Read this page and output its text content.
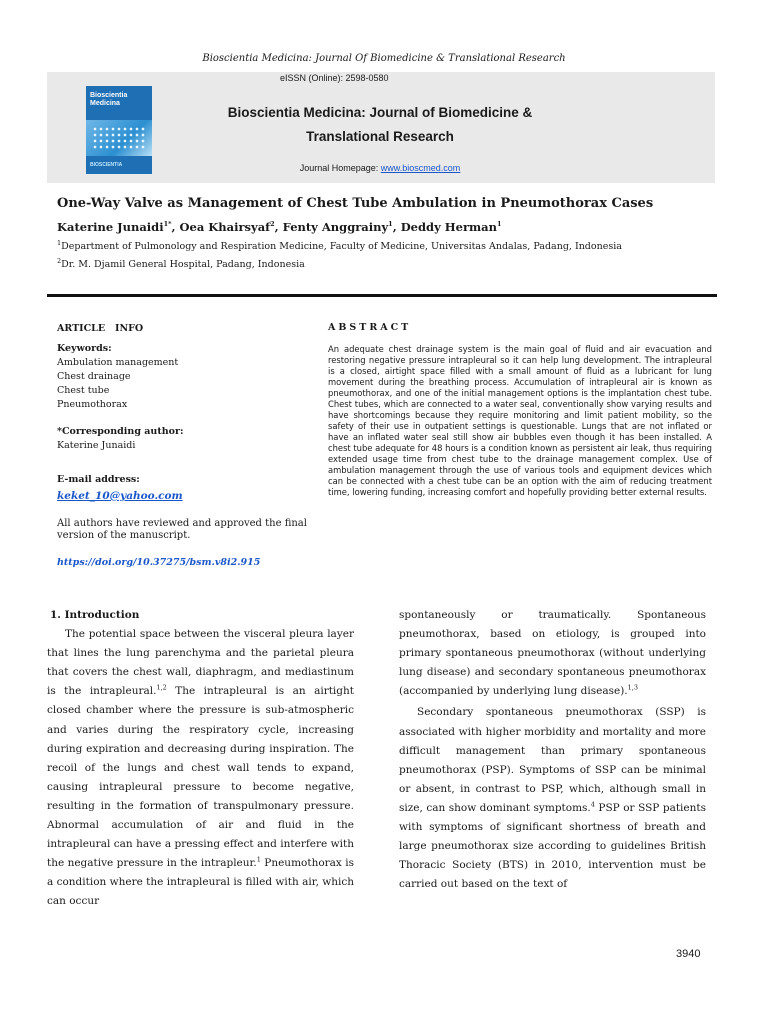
Bioscientia Medicina: Journal Of Biomedicine & Translational Research
eISSN (Online): 2598-0580
Bioscientia Medicina
BIOSCIENTIA
Bioscientia Medicina: Journal of Biomedicine &
Translational Research
Journal Homepage: www.bioscmed.com
One-Way Valve as Management of Chest Tube Ambulation in Pneumothorax Cases
Katerine Junaidi$^{1*}$, Oea Khairsyaf$^2$, Fenty Anggrainy$^1$, Deddy Herman$^1$
$^1$Department of Pulmonology and Respiration Medicine, Faculty of Medicine, Universitas Andalas, Padang, Indonesia
$^2$Dr. M. Djamil General Hospital, Padang, Indonesia
ARTICLE   INFO
Keywords:
Ambulation management
Chest drainage
Chest tube
Pneumothorax
*Corresponding author:
Katerine Junaidi
E-mail address:
keket_10@yahoo.com
All authors have reviewed and approved the final version of the manuscript.
https://doi.org/10.37275/bsm.v8i2.915
ABSTRACT
An adequate chest drainage system is the main goal of fluid and air evacuation and restoring negative pressure intrapleural so it can help lung development. The intrapleural is a closed, airtight space filled with a small amount of fluid as a lubricant for lung movement during the breathing process. Accumulation of intrapleural air is known as pneumothorax, and one of the initial management options is the implantation chest tube. Chest tubes, which are connected to a water seal, conventionally show varying results and have shortcomings because they require monitoring and limit patient mobility, so the safety of their use in outpatient settings is questionable. Lungs that are not inflated or have an inflated water seal still show air bubbles even though it has been installed. A chest tube adequate for 48 hours is a condition known as persistent air leak, thus requiring extended usage time from chest tube to the drainage management complex. Use of ambulation management through the use of various tools and equipment devices which can be connected with a chest tube can be an option with the aim of reducing treatment time, lowering funding, increasing comfort and hopefully providing better external results.
1. Introduction

The potential space between the visceral pleura layer that lines the lung parenchyma and the parietal pleura that covers the chest wall, diaphragm, and mediastinum is the intrapleural.$^{1,2}$ The intrapleural is an airtight closed chamber where the pressure is sub-atmospheric and varies during the respiratory cycle, increasing during expiration and decreasing during inspiration. The recoil of the lungs and chest wall tends to expand, causing intrapleural pressure to become negative, resulting in the formation of transpulmonary pressure. Abnormal accumulation of air and fluid in the intrapleural can have a pressing effect and interfere with the negative pressure in the intrapleur.$^1$ Pneumothorax is a condition where the intrapleural is filled with air, which can occur

spontaneously or traumatically. Spontaneous pneumothorax, based on etiology, is grouped into primary spontaneous pneumothorax (without underlying lung disease) and secondary spontaneous pneumothorax (accompanied by underlying lung disease).$^{1,3}$

Secondary spontaneous pneumothorax (SSP) is associated with higher morbidity and mortality and more difficult management than primary spontaneous pneumothorax (PSP). Symptoms of SSP can be minimal or absent, in contrast to PSP, which, although small in size, can show dominant symptoms.$^4$ PSP or SSP patients with symptoms of significant shortness of breath and large pneumothorax size according to guidelines British Thoracic Society (BTS) in 2010, intervention must be carried out based on the text of

3940
